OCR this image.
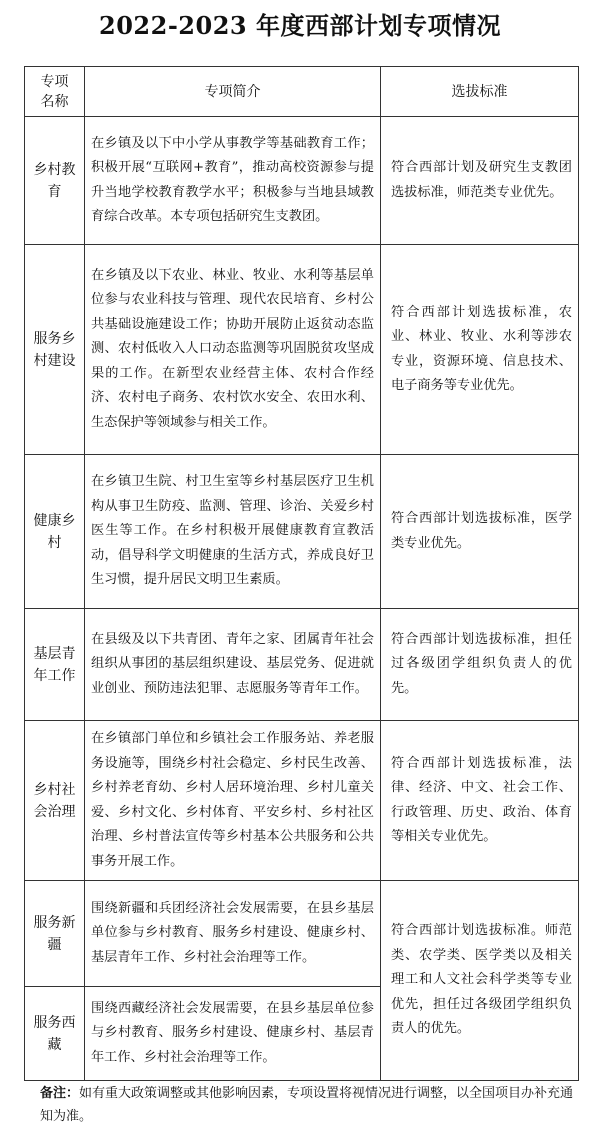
2022-2023 年度西部计划专项情况
专项名称	专项简介	选拔标准
乡村教育	在乡镇及以下中小学从事教学等基础教育工作；积极开展“互联网+教育”，推动高校资源参与提升当地学校教育教学水平；积极参与当地县域教育综合改革。本专项包括研究生支教团。	符合西部计划及研究生支教团选拔标准，师范类专业优先。
服务乡村建设	在乡镇及以下农业、林业、牧业、水利等基层单位参与农业科技与管理、现代农民培育、乡村公共基础设施建设工作；协助开展防止返贫动态监测、农村低收入人口动态监测等巩固脱贫攻坚成果的工作。在新型农业经营主体、农村合作经济、农村电子商务、农村饮水安全、农田水利、生态保护等领域参与相关工作。	符合西部计划选拔标准，农业、林业、牧业、水利等涉农专业，资源环境、信息技术、电子商务等专业优先。
健康乡村	在乡镇卫生院、村卫生室等乡村基层医疗卫生机构从事卫生防疫、监测、管理、诊治、关爱乡村医生等工作。在乡村积极开展健康教育宣教活动，倡导科学文明健康的生活方式，养成良好卫生习惯，提升居民文明卫生素质。	符合西部计划选拔标准，医学类专业优先。
基层青年工作	在县级及以下共青团、青年之家、团属青年社会组织从事团的基层组织建设、基层党务、促进就业创业、预防违法犯罪、志愿服务等青年工作。	符合西部计划选拔标准，担任过各级团学组织负责人的优先。
乡村社会治理	在乡镇部门单位和乡镇社会工作服务站、养老服务设施等，围绕乡村社会稳定、乡村民生改善、乡村养老育幼、乡村人居环境治理、乡村儿童关爱、乡村文化、乡村体育、平安乡村、乡村社区治理、乡村普法宣传等乡村基本公共服务和公共事务开展工作。	符合西部计划选拔标准，法律、经济、中文、社会工作、行政管理、历史、政治、体育等相关专业优先。
服务新疆	围绕新疆和兵团经济社会发展需要，在县乡基层单位参与乡村教育、服务乡村建设、健康乡村、基层青年工作、乡村社会治理等工作。	符合西部计划选拔标准。师范类、农学类、医学类以及相关理工和人文社会科学类等专业优先，担任过各级团学组织负责人的优先。
服务西藏	围绕西藏经济社会发展需要，在县乡基层单位参与乡村教育、服务乡村建设、健康乡村、基层青年工作、乡村社会治理等工作。	
备注：如有重大政策调整或其他影响因素，专项设置将视情况进行调整，以全国项目办补充通知为准。
